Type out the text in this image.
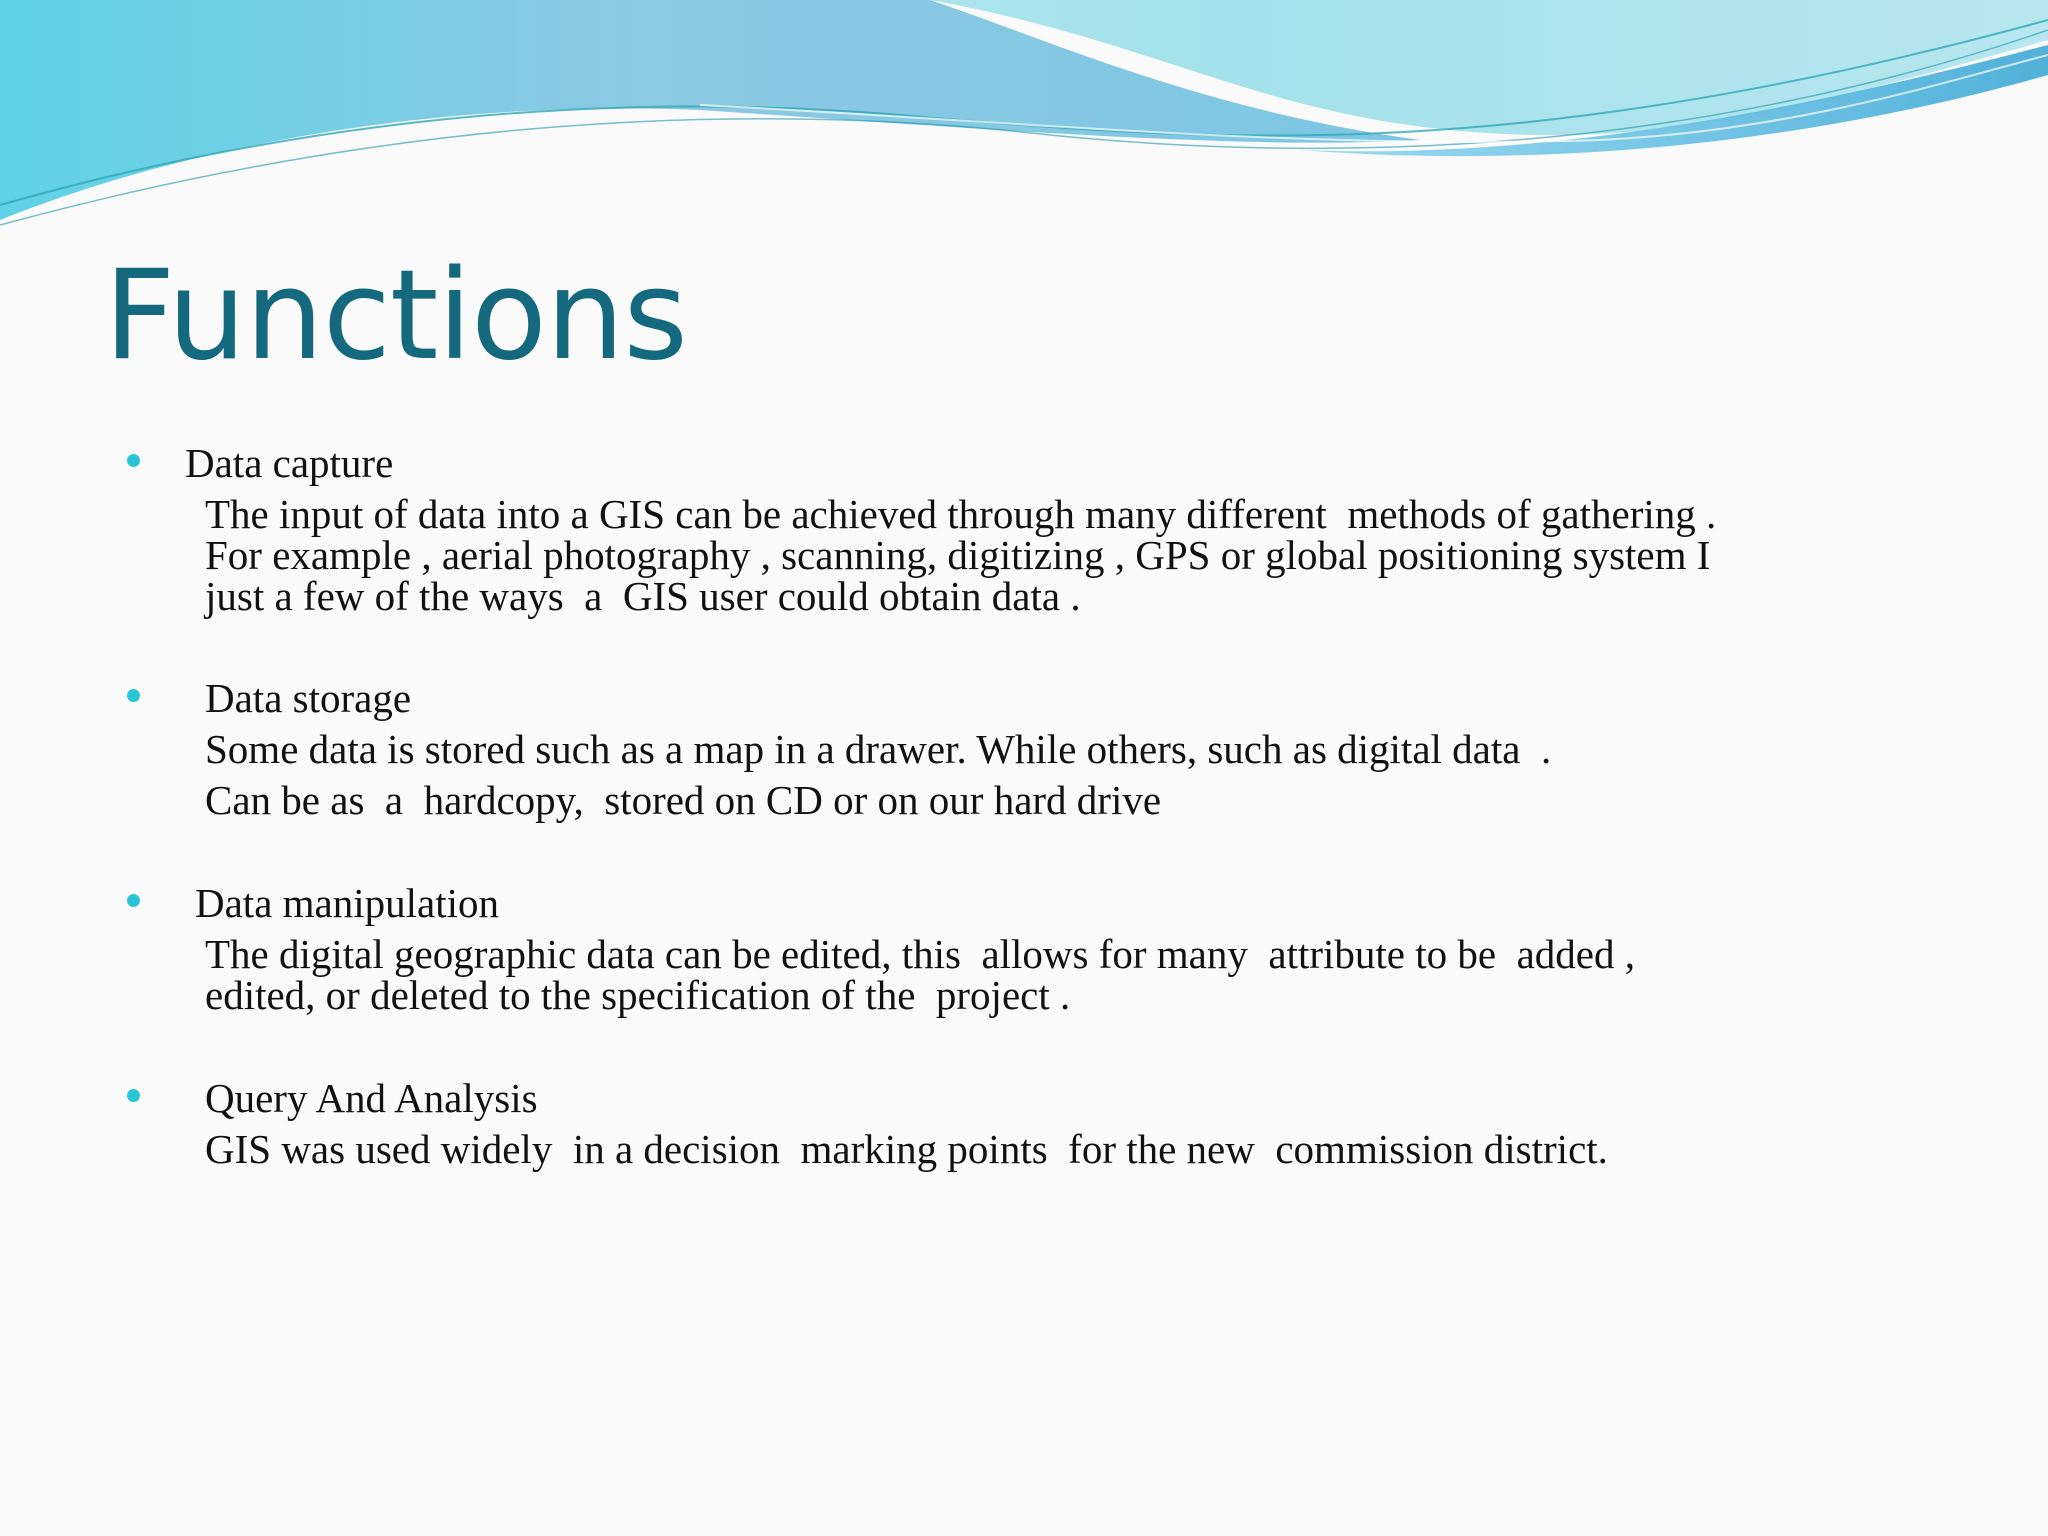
Functions
Data capture
The input of data into a GIS can be achieved through many different  methods of gathering .
For example , aerial photography , scanning, digitizing , GPS or global positioning system I
just a few of the ways  a  GIS user could obtain data .
Data storage
Some data is stored such as a map in a drawer. While others, such as digital data  .
Can be as  a  hardcopy,  stored on CD or on our hard drive
Data manipulation
The digital geographic data can be edited, this  allows for many  attribute to be  added ,
edited, or deleted to the specification of the  project .
Query And Analysis
GIS was used widely  in a decision  marking points  for the new  commission district.
